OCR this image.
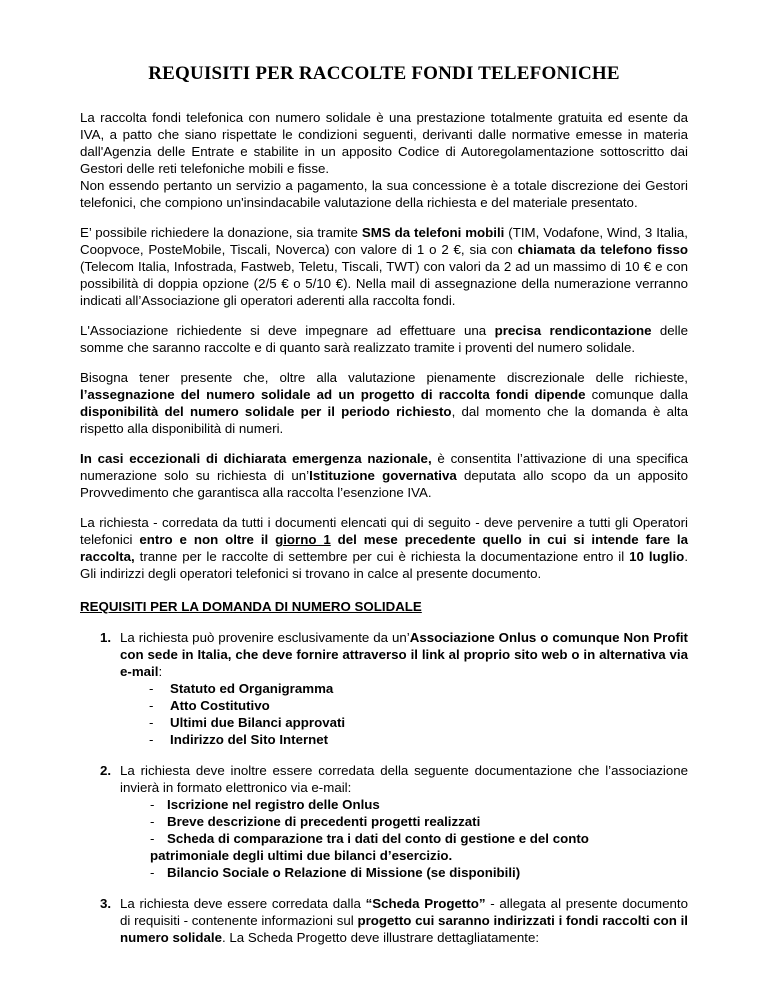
REQUISITI PER RACCOLTE FONDI TELEFONICHE

La raccolta fondi telefonica con numero solidale è una prestazione totalmente gratuita ed esente da IVA, a patto che siano rispettate le condizioni seguenti, derivanti dalle normative emesse in materia dall'Agenzia delle Entrate e stabilite in un apposito Codice di Autoregolamentazione sottoscritto dai Gestori delle reti telefoniche mobili e fisse.

Non essendo pertanto un servizio a pagamento, la sua concessione è a totale discrezione dei Gestori telefonici, che compiono un'insindacabile valutazione della richiesta e del materiale presentato.

E’ possibile richiedere la donazione, sia tramite SMS da telefoni mobili (TIM, Vodafone, Wind, 3 Italia, Coopvoce, PosteMobile, Tiscali, Noverca) con valore di 1 o 2 €, sia con chiamata da telefono fisso (Telecom Italia, Infostrada, Fastweb, Teletu, Tiscali, TWT) con valori da 2 ad un massimo di 10 € e con possibilità di doppia opzione (2/5 € o 5/10 €). Nella mail di assegnazione della numerazione verranno indicati all’Associazione gli operatori aderenti alla raccolta fondi.

L'Associazione richiedente si deve impegnare ad effettuare una precisa rendicontazione delle somme che saranno raccolte e di quanto sarà realizzato tramite i proventi del numero solidale.

Bisogna tener presente che, oltre alla valutazione pienamente discrezionale delle richieste, l’assegnazione del numero solidale ad un progetto di raccolta fondi dipende comunque dalla disponibilità del numero solidale per il periodo richiesto, dal momento che la domanda è alta rispetto alla disponibilità di numeri.

In casi eccezionali di dichiarata emergenza nazionale, è consentita l’attivazione di una specifica numerazione solo su richiesta di un’Istituzione governativa deputata allo scopo da un apposito Provvedimento che garantisca alla raccolta l’esenzione IVA.

La richiesta - corredata da tutti i documenti elencati qui di seguito - deve pervenire a tutti gli Operatori telefonici entro e non oltre il giorno 1 del mese precedente quello in cui si intende fare la raccolta, tranne per le raccolte di settembre per cui è richiesta la documentazione entro il 10 luglio. Gli indirizzi degli operatori telefonici si trovano in calce al presente documento.

REQUISITI PER LA DOMANDA DI NUMERO SOLIDALE
1. La richiesta può provenire esclusivamente da un’Associazione Onlus o comunque Non Profit con sede in Italia, che deve fornire attraverso il link al proprio sito web o in alternativa via e-mail:
- Statuto ed Organigramma
- Atto Costitutivo
- Ultimi due Bilanci approvati
- Indirizzo del Sito Internet
2. La richiesta deve inoltre essere corredata della seguente documentazione che l’associazione invierà in formato elettronico via e-mail:
- Iscrizione nel registro delle Onlus
- Breve descrizione di precedenti progetti realizzati
- Scheda di comparazione tra i dati del conto di gestione e del conto
patrimoniale degli ultimi due bilanci d’esercizio.
- Bilancio Sociale o Relazione di Missione (se disponibili)
3. La richiesta deve essere corredata dalla “Scheda Progetto” - allegata al presente documento di requisiti - contenente informazioni sul progetto cui saranno indirizzati i fondi raccolti con il numero solidale. La Scheda Progetto deve illustrare dettagliatamente:
